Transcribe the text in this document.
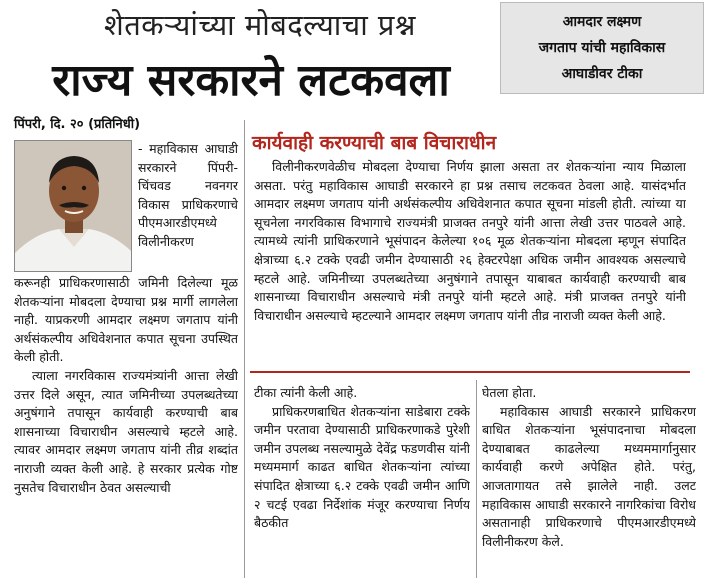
शेतकऱ्यांच्या मोबदल्याचा प्रश्न
राज्य सरकारने लटकवला
आमदार लक्ष्मण
जगताप यांची महाविकास
आघाडीवर टीका
पिंपरी, दि. २० (प्रतिनिधी)
- महाविकास आघाडी सरकारने पिंपरी-चिंचवड नवनगर विकास प्राधिकरणाचे पीएमआरडीएमध्ये विलीनीकरण

करूनही प्राधिकरणासाठी जमिनी दिलेल्या मूळ शेतकऱ्यांना मोबदला देण्याचा प्रश्न मार्गी लागलेला नाही. याप्रकरणी आमदार लक्ष्मण जगताप यांनी अर्थसंकल्पीय अधिवेशनात कपात सूचना उपस्थित केली होती.

त्याला नगरविकास राज्यमंत्र्यांनी आत्ता लेखी उत्तर दिले असून, त्यात जमिनीच्या उपलब्धतेच्या अनुषंगाने तपासून कार्यवाही करण्याची बाब शासनाच्या विचाराधीन असल्याचे म्हटले आहे. त्यावर आमदार लक्ष्मण जगताप यांनी तीव्र शब्दांत नाराजी व्यक्त केली आहे. हे सरकार प्रत्येक गोष्ट नुसतेच विचाराधीन ठेवत असल्याची

कार्यवाही करण्याची बाब विचाराधीन
विलीनीकरणवेळीच मोबदला देण्याचा निर्णय झाला असता तर शेतकऱ्यांना न्याय मिळाला असता. परंतु महाविकास आघाडी सरकारने हा प्रश्न तसाच लटकवत ठेवला आहे. यासंदर्भात आमदार लक्ष्मण जगताप यांनी अर्थसंकल्पीय अधिवेशनात कपात सूचना मांडली होती. त्यांच्या या सूचनेला नगरविकास विभागाचे राज्यमंत्री प्राजक्त तनपुरे यांनी आत्ता लेखी उत्तर पाठवले आहे. त्यामध्ये त्यांनी प्राधिकरणाने भूसंपादन केलेल्या १०६ मूळ शेतकऱ्यांना मोबदला म्हणून संपादित क्षेत्राच्या ६.२ टक्के एवढी जमीन देण्यासाठी २६ हेक्टरपेक्षा अधिक जमीन आवश्यक असल्याचे म्हटले आहे. जमिनीच्या उपलब्धतेच्या अनुषंगाने तपासून याबाबत कार्यवाही करण्याची बाब शासनाच्या विचाराधीन असल्याचे मंत्री तनपुरे यांनी म्हटले आहे. मंत्री प्राजक्त तनपुरे यांनी विचाराधीन असल्याचे म्हटल्याने आमदार लक्ष्मण जगताप यांनी तीव्र नाराजी व्यक्त केली आहे.

टीका त्यांनी केली आहे.

प्राधिकरणबाधित शेतकऱ्यांना साडेबारा टक्के जमीन परतावा देण्यासाठी प्राधिकरणाकडे पुरेशी जमीन उपलब्ध नसल्यामुळे देवेंद्र फडणवीस यांनी मध्यममार्ग काढत बाधित शेतकऱ्यांना त्यांच्या संपादित क्षेत्राच्या ६.२ टक्के एवढी जमीन आणि २ चटई एवढा निर्देशांक मंजूर करण्याचा निर्णय बैठकीत

घेतला होता.

महाविकास आघाडी सरकारने प्राधिकरण बाधित शेतकऱ्यांना भूसंपादनाचा मोबदला देण्याबाबत काढलेल्या मध्यममार्गानुसार कार्यवाही करणे अपेक्षित होते. परंतु, आजतागायत तसे झालेले नाही. उलट महाविकास आघाडी सरकारने नागरिकांचा विरोध असतानाही प्राधिकरणाचे पीएमआरडीएमध्ये विलीनीकरण केले.
